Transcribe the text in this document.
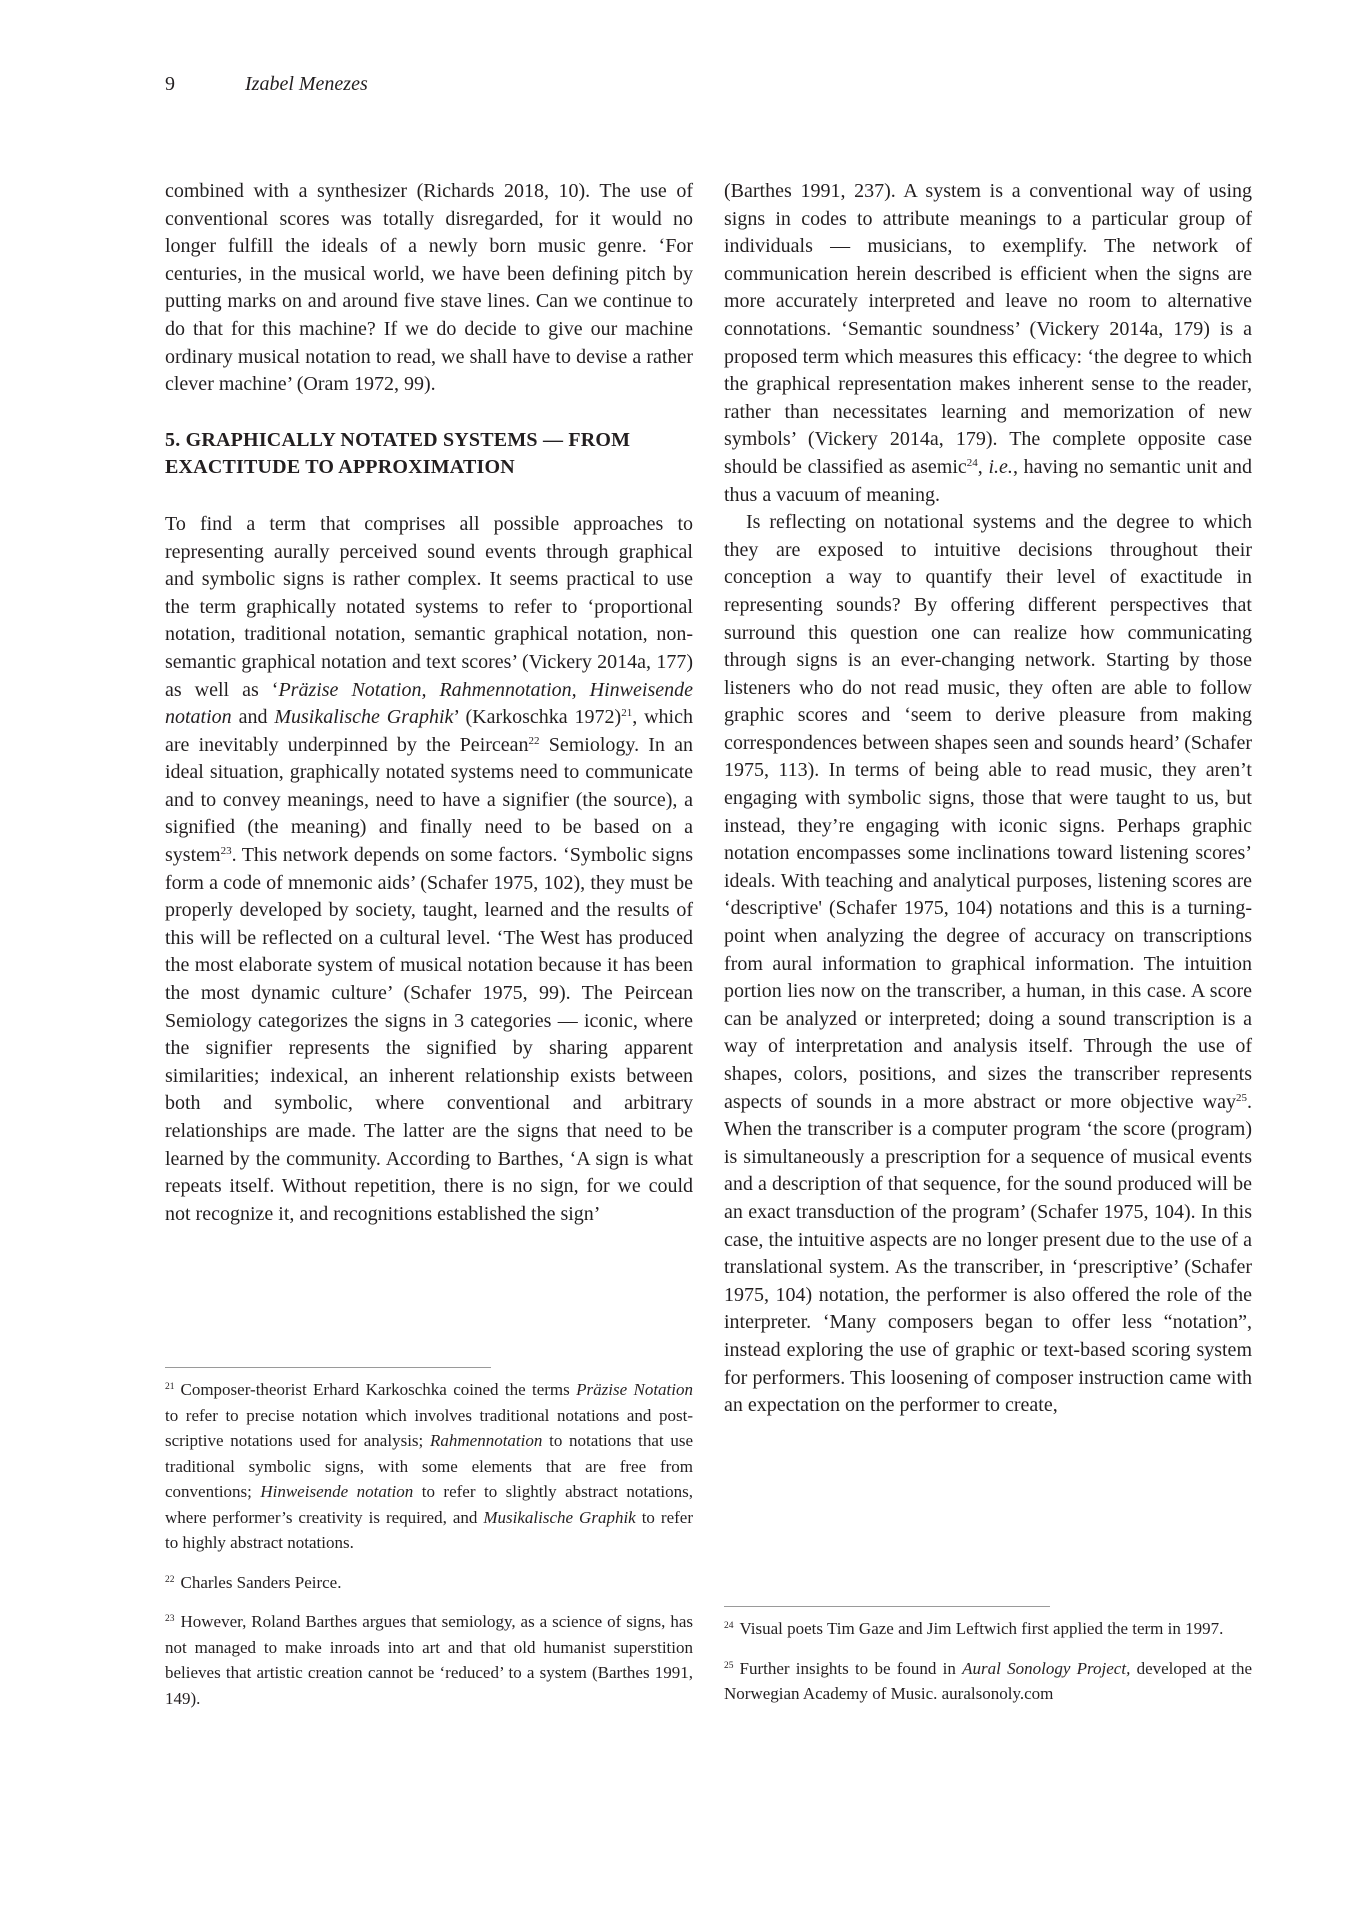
9	Izabel Menezes

combined with a synthesizer (Richards 2018, 10). The use of conventional scores was totally disregarded, for it would no longer fulfill the ideals of a newly born music genre. ‘For centuries, in the musical world, we have been defining pitch by putting marks on and around five stave lines. Can we continue to do that for this machine? If we do decide to give our machine ordinary musical notation to read, we shall have to devise a rather clever machine’ (Oram 1972, 99).

5. GRAPHICALLY NOTATED SYSTEMS — FROM
EXACTITUDE TO APPROXIMATION

To find a term that comprises all possible approaches to representing aurally perceived sound events through graphical and symbolic signs is rather complex. It seems practical to use the term graphically notated systems to refer to ‘proportional notation, traditional notation, semantic graphical notation, non-semantic graphical notation and text scores’ (Vickery 2014a, 177) as well as ‘Präzise Notation, Rahmennotation, Hinweisende notation and Musikalische Graphik’ (Karkoschka 1972)$^{21}$, which are inevitably underpinned by the Peircean$^{22}$ Semiology. In an ideal situation, graphically notated systems need to communicate and to convey meanings, need to have a signifier (the source), a signified (the meaning) and finally need to be based on a system$^{23}$. This network depends on some factors. ‘Symbolic signs form a code of mnemonic aids’ (Schafer 1975, 102), they must be properly developed by society, taught, learned and the results of this will be reflected on a cultural level. ‘The West has produced the most elaborate system of musical notation because it has been the most dynamic culture’ (Schafer 1975, 99). The Peircean Semiology categorizes the signs in 3 categories — iconic, where the signifier represents the signified by sharing apparent similarities; indexical, an inherent relationship exists between both and symbolic, where conventional and arbitrary relationships are made. The latter are the signs that need to be learned by the community. According to Barthes, ‘A sign is what repeats itself. Without repetition, there is no sign, for we could not recognize it, and recognitions established the sign’

$^{21}$ Composer-theorist Erhard Karkoschka coined the terms Präzise Notation to refer to precise notation which involves traditional notations and post-scriptive notations used for analysis; Rahmennotation to notations that use traditional symbolic signs, with some elements that are free from conventions; Hinweisende notation to refer to slightly abstract notations, where performer’s creativity is required, and Musikalische Graphik to refer to highly abstract notations.

$^{22}$ Charles Sanders Peirce.

$^{23}$ However, Roland Barthes argues that semiology, as a science of signs, has not managed to make inroads into art and that old humanist superstition believes that artistic creation cannot be ‘reduced’ to a system (Barthes 1991, 149).

(Barthes 1991, 237). A system is a conventional way of using signs in codes to attribute meanings to a particular group of individuals — musicians, to exemplify. The network of communication herein described is efficient when the signs are more accurately interpreted and leave no room to alternative connotations. ‘Semantic soundness’ (Vickery 2014a, 179) is a proposed term which measures this efficacy: ‘the degree to which the graphical representation makes inherent sense to the reader, rather than necessitates learning and memorization of new symbols’ (Vickery 2014a, 179). The complete opposite case should be classified as asemic$^{24}$, i.e., having no semantic unit and thus a vacuum of meaning.

Is reflecting on notational systems and the degree to which they are exposed to intuitive decisions throughout their conception a way to quantify their level of exactitude in representing sounds? By offering different perspectives that surround this question one can realize how communicating through signs is an ever-changing network. Starting by those listeners who do not read music, they often are able to follow graphic scores and ‘seem to derive pleasure from making correspondences between shapes seen and sounds heard’ (Schafer 1975, 113). In terms of being able to read music, they aren’t engaging with symbolic signs, those that were taught to us, but instead, they’re engaging with iconic signs. Perhaps graphic notation encompasses some inclinations toward listening scores’ ideals. With teaching and analytical purposes, listening scores are ‘descriptive' (Schafer 1975, 104) notations and this is a turning-point when analyzing the degree of accuracy on transcriptions from aural information to graphical information. The intuition portion lies now on the transcriber, a human, in this case. A score can be analyzed or interpreted; doing a sound transcription is a way of interpretation and analysis itself. Through the use of shapes, colors, positions, and sizes the transcriber represents aspects of sounds in a more abstract or more objective way$^{25}$. When the transcriber is a computer program ‘the score (program) is simultaneously a prescription for a sequence of musical events and a description of that sequence, for the sound produced will be an exact transduction of the program’ (Schafer 1975, 104). In this case, the intuitive aspects are no longer present due to the use of a translational system. As the transcriber, in ‘prescriptive’ (Schafer 1975, 104) notation, the performer is also offered the role of the interpreter. ‘Many composers began to offer less “notation”, instead exploring the use of graphic or text-based scoring system for performers. This loosening of composer instruction came with an expectation on the performer to create,

$^{24}$ Visual poets Tim Gaze and Jim Leftwich first applied the term in 1997.

$^{25}$ Further insights to be found in Aural Sonology Project, developed at the Norwegian Academy of Music. auralsonoly.com
